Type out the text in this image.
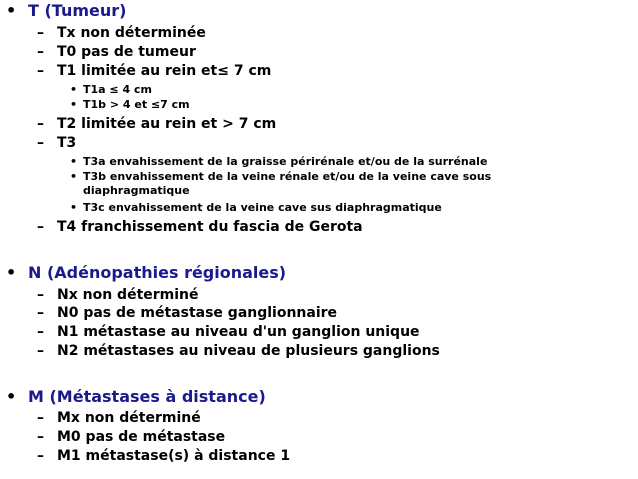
• T (Tumeur)
– Tx non déterminée
– T0 pas de tumeur
– T1 limitée au rein et≤ 7 cm
• T1a ≤ 4 cm
• T1b > 4 et ≤7 cm
– T2 limitée au rein et > 7 cm
– T3
• T3a envahissement de la graisse périrénale et/ou de la surrénale
• T3b envahissement de la veine rénale et/ou de la veine cave sous
diaphragmatique
• T3c envahissement de la veine cave sus diaphragmatique
– T4 franchissement du fascia de Gerota
• N (Adénopathies régionales)
– Nx non déterminé
– N0 pas de métastase ganglionnaire
– N1 métastase au niveau d'un ganglion unique
– N2 métastases au niveau de plusieurs ganglions
• M (Métastases à distance)
– Mx non déterminé
– M0 pas de métastase
– M1 métastase(s) à distance 1
